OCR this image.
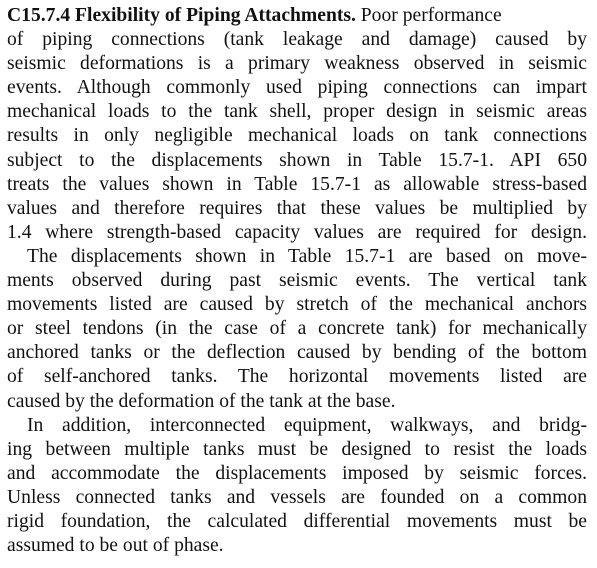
C15.7.4 Flexibility of Piping Attachments. Poor performance
of piping connections (tank leakage and damage) caused by
seismic deformations is a primary weakness observed in seismic
events. Although commonly used piping connections can impart
mechanical loads to the tank shell, proper design in seismic areas
results in only negligible mechanical loads on tank connections
subject to the displacements shown in Table 15.7-1. API 650
treats the values shown in Table 15.7-1 as allowable stress-based
values and therefore requires that these values be multiplied by
1.4 where strength-based capacity values are required for design.
The displacements shown in Table 15.7-1 are based on move-
ments observed during past seismic events. The vertical tank
movements listed are caused by stretch of the mechanical anchors
or steel tendons (in the case of a concrete tank) for mechanically
anchored tanks or the deflection caused by bending of the bottom
of self-anchored tanks. The horizontal movements listed are
caused by the deformation of the tank at the base.
In addition, interconnected equipment, walkways, and bridg-
ing between multiple tanks must be designed to resist the loads
and accommodate the displacements imposed by seismic forces.
Unless connected tanks and vessels are founded on a common
rigid foundation, the calculated differential movements must be
assumed to be out of phase.
